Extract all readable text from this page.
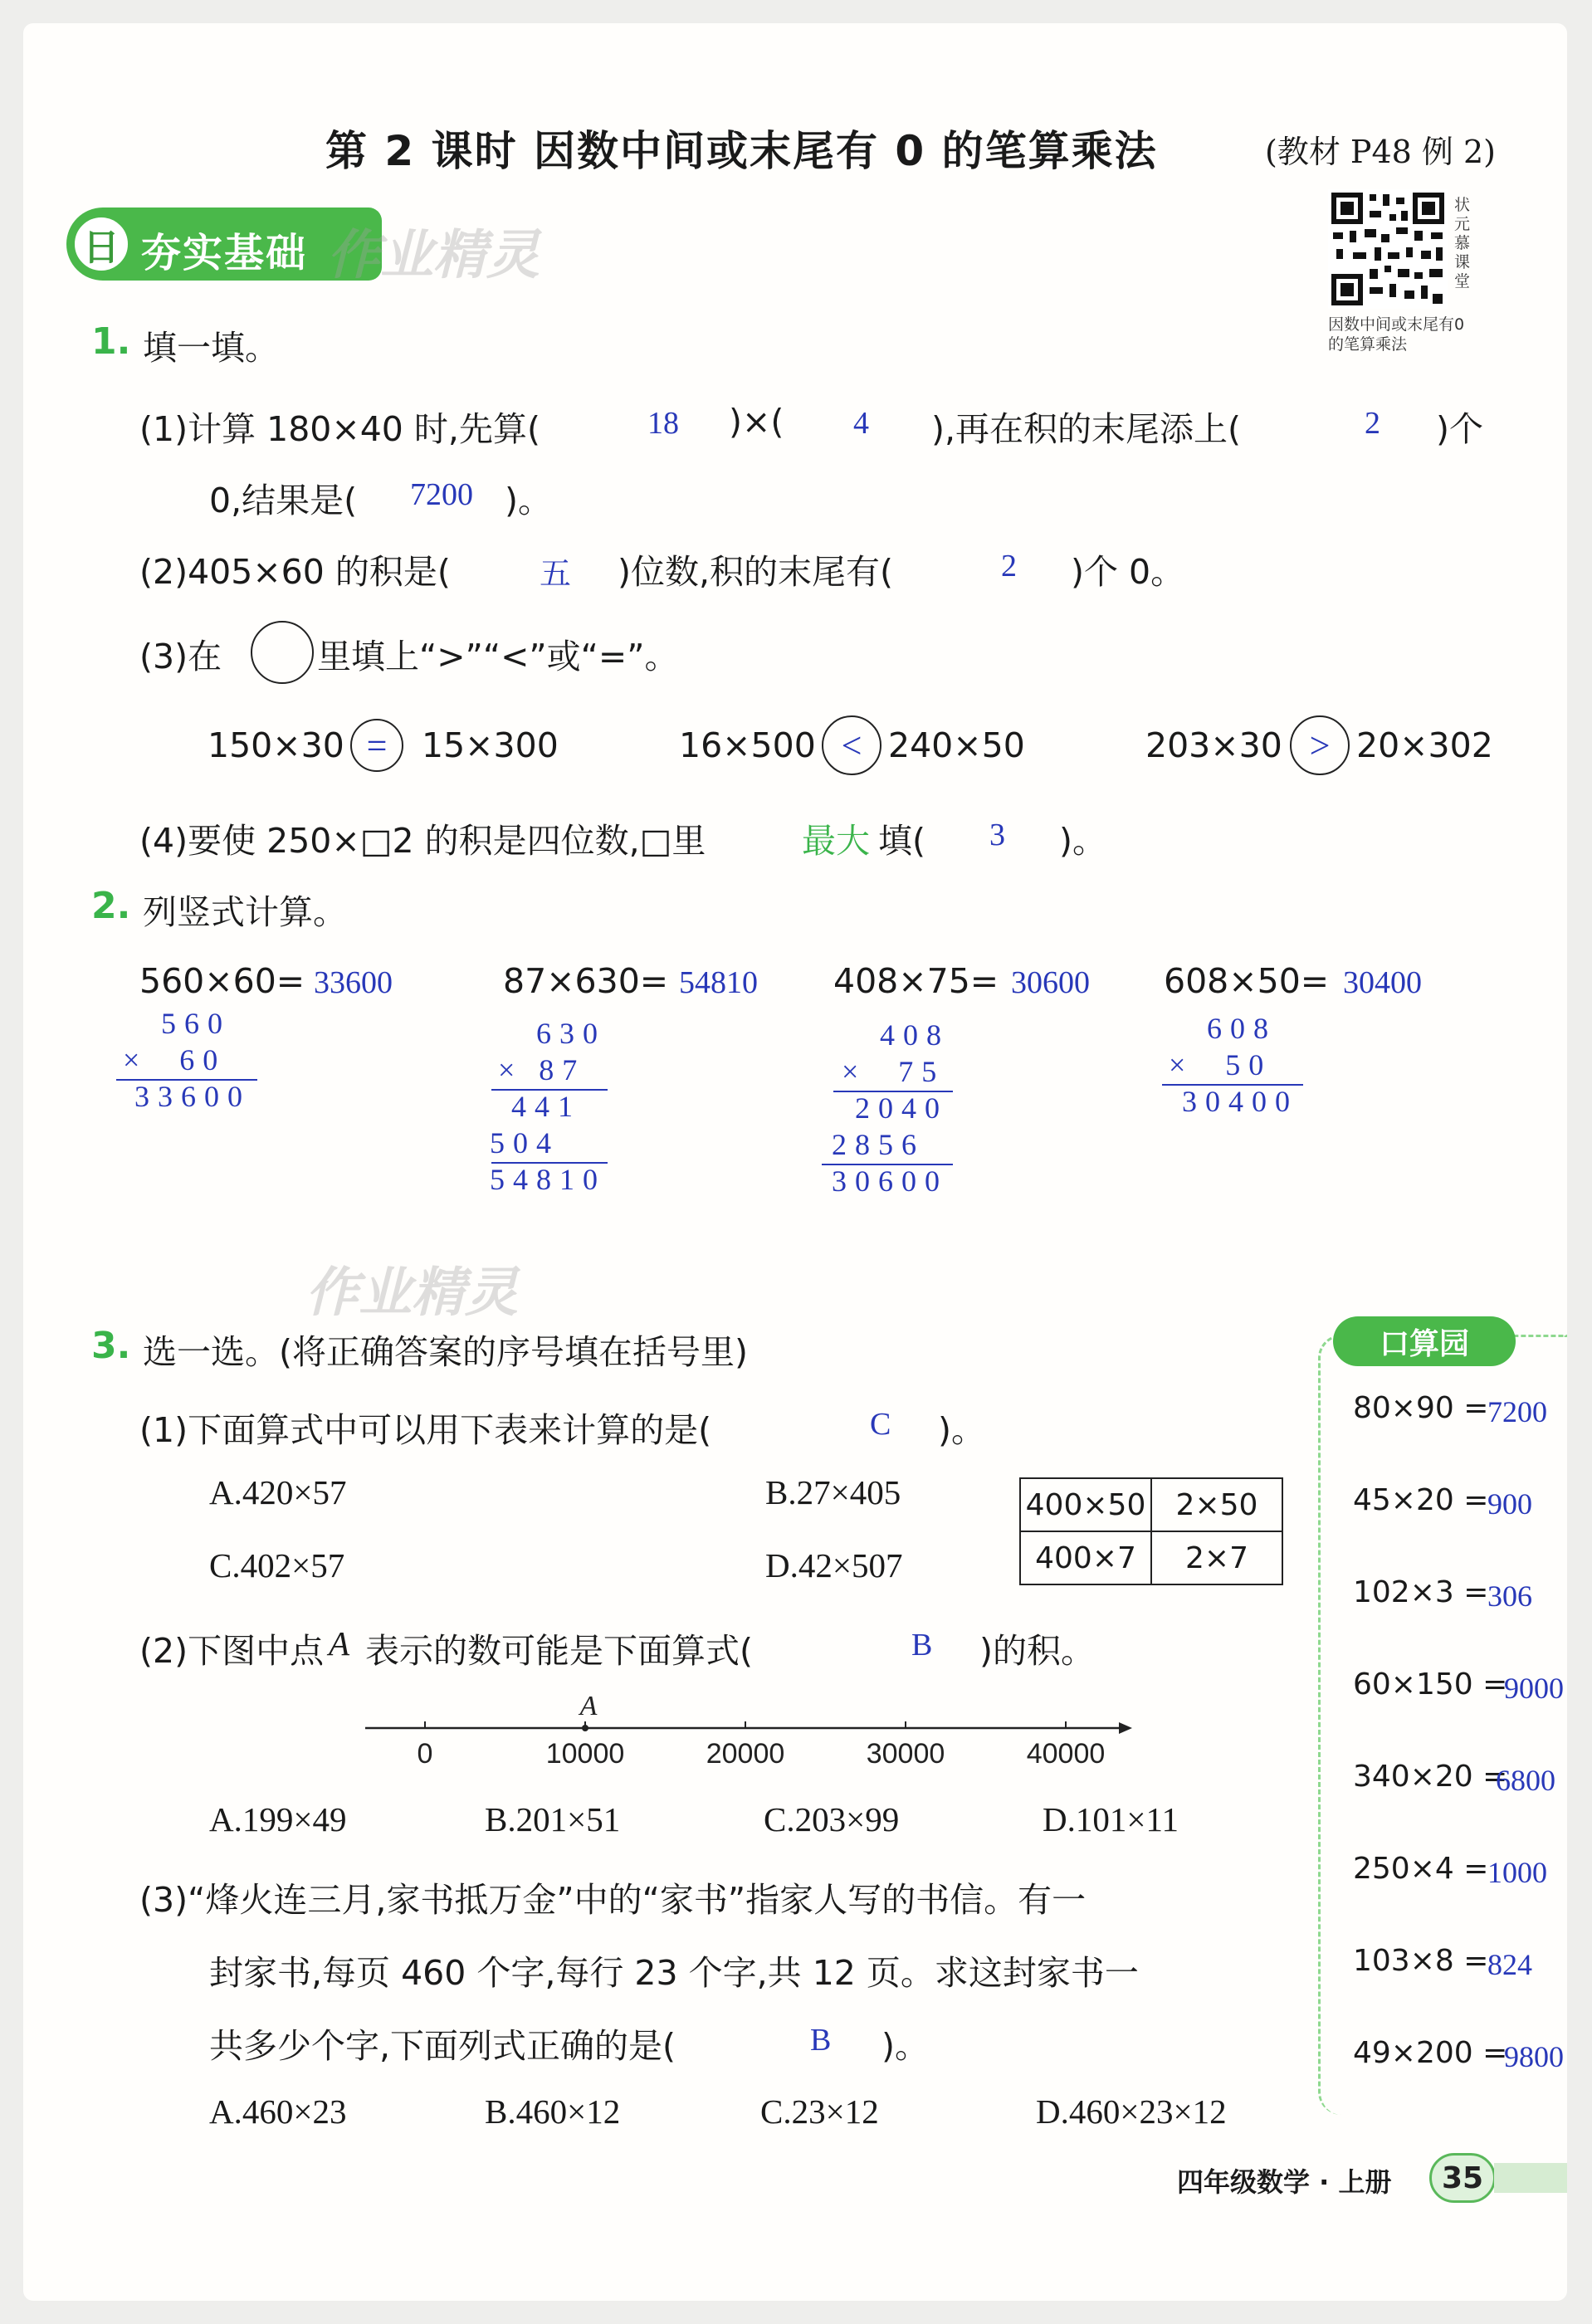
第 2 课时 因数中间或末尾有 0 的笔算乘法	(教材 P48 例 2)
状元慕课堂
因数中间或末尾有0
的笔算乘法
日 夯实基础 作业精灵
1. 填一填。
(1)计算 180×40 时,先算(	18 )×( 4 ),再在积的末尾添上(	2 )个
0,结果是( 7200 )。
(2)405×60 的积是(	五 )位数,积的末尾有(	2 )个 0。
(3)在	里填上“>”“<”或“=”。
150×30 =	15×300	16×500 < 240×50	203×30 > 20×302
(4)要使 250×□2 的积是四位数,□里	最大 填( 3 )。
2. 列竖式计算。
560×60= 33600
560
×  60
33600
87×630= 54810
630
× 87
441
504
54810
408×75= 30600
408
×  75
2040
2856
30600
608×50= 30400
608
×  50
30400
作业精灵
3. 选一选。(将正确答案的序号填在括号里)
(1)下面算式中可以用下表来计算的是(	C )。
A.420×57	B.27×405
C.402×57	D.42×507
400×50	2×50
400×7	2×7
(2)下图中点 A 表示的数可能是下面算式(	B )的积。
0	10000	20000	30000	40000
A
A.199×49	B.201×51	C.203×99	D.101×11
(3)“烽火连三月,家书抵万金”中的“家书”指家人写的书信。有一
封家书,每页 460 个字,每行 23 个字,共 12 页。求这封家书一
共多少个字,下面列式正确的是(	B )。
A.460×23	B.460×12	C.23×12	D.460×23×12
口算园
80×90 =
7200
45×20 =
900
102×3 =
306
60×150 =
9000
340×20 =
6800
250×4 =
1000
103×8 =
824
49×200 =
9800
四年级数学 · 上册	35
